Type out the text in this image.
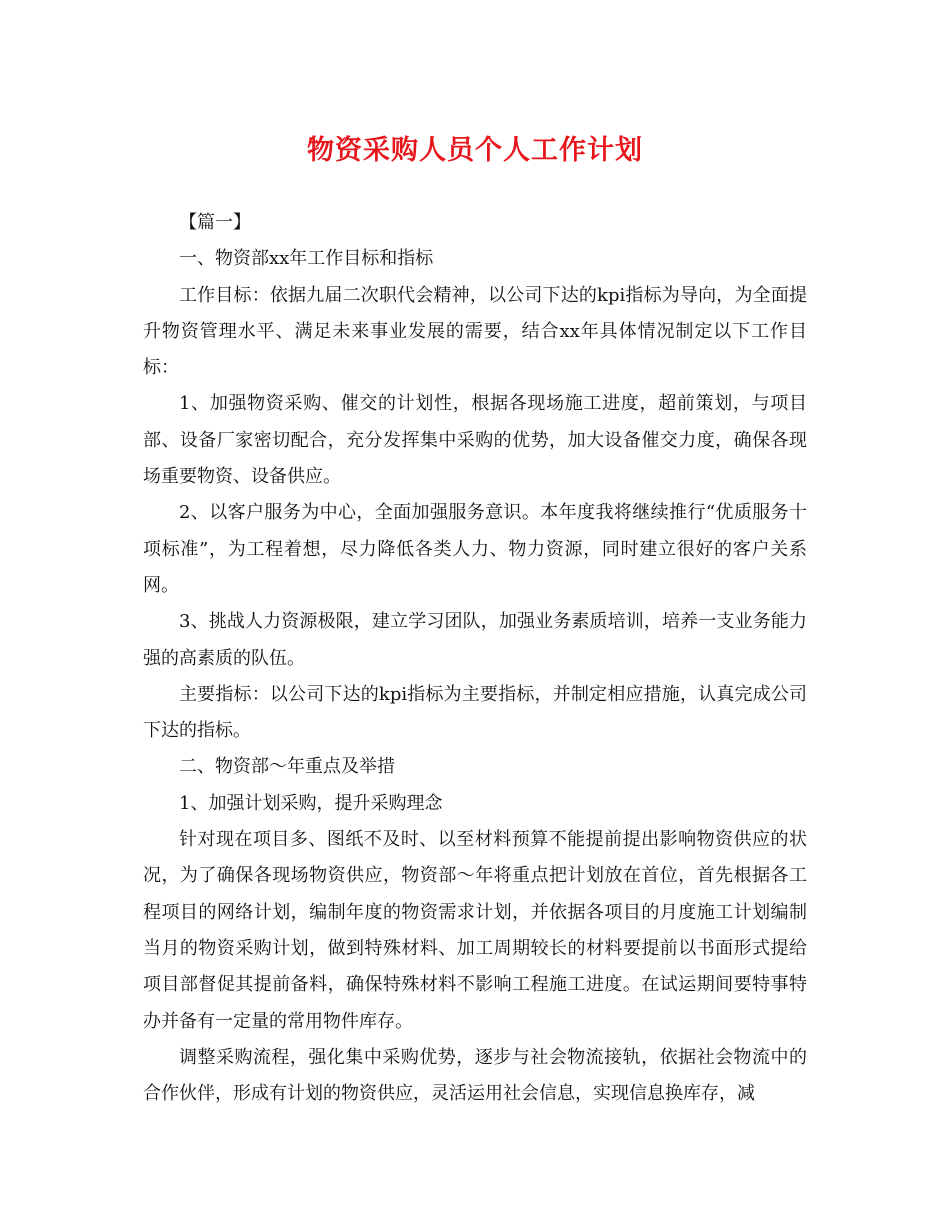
物资采购人员个人工作计划

【篇一】

一、物资部xx年工作目标和指标

工作目标：依据九届二次职代会精神，以公司下达的kpi指标为导向，为全面提升物资管理水平、满足未来事业发展的需要，结合xx年具体情况制定以下工作目标：

1、加强物资采购、催交的计划性，根据各现场施工进度，超前策划，与项目部、设备厂家密切配合，充分发挥集中采购的优势，加大设备催交力度，确保各现场重要物资、设备供应。

2、以客户服务为中心，全面加强服务意识。本年度我将继续推行“优质服务十项标准”，为工程着想，尽力降低各类人力、物力资源，同时建立很好的客户关系网。

3、挑战人力资源极限，建立学习团队，加强业务素质培训，培养一支业务能力强的高素质的队伍。

主要指标：以公司下达的kpi指标为主要指标，并制定相应措施，认真完成公司下达的指标。

二、物资部～年重点及举措

1、加强计划采购，提升采购理念

针对现在项目多、图纸不及时、以至材料预算不能提前提出影响物资供应的状况，为了确保各现场物资供应，物资部～年将重点把计划放在首位，首先根据各工程项目的网络计划，编制年度的物资需求计划，并依据各项目的月度施工计划编制当月的物资采购计划，做到特殊材料、加工周期较长的材料要提前以书面形式提给项目部督促其提前备料，确保特殊材料不影响工程施工进度。在试运期间要特事特办并备有一定量的常用物件库存。

调整采购流程，强化集中采购优势，逐步与社会物流接轨，依据社会物流中的合作伙伴，形成有计划的物资供应，灵活运用社会信息，实现信息换库存，减
